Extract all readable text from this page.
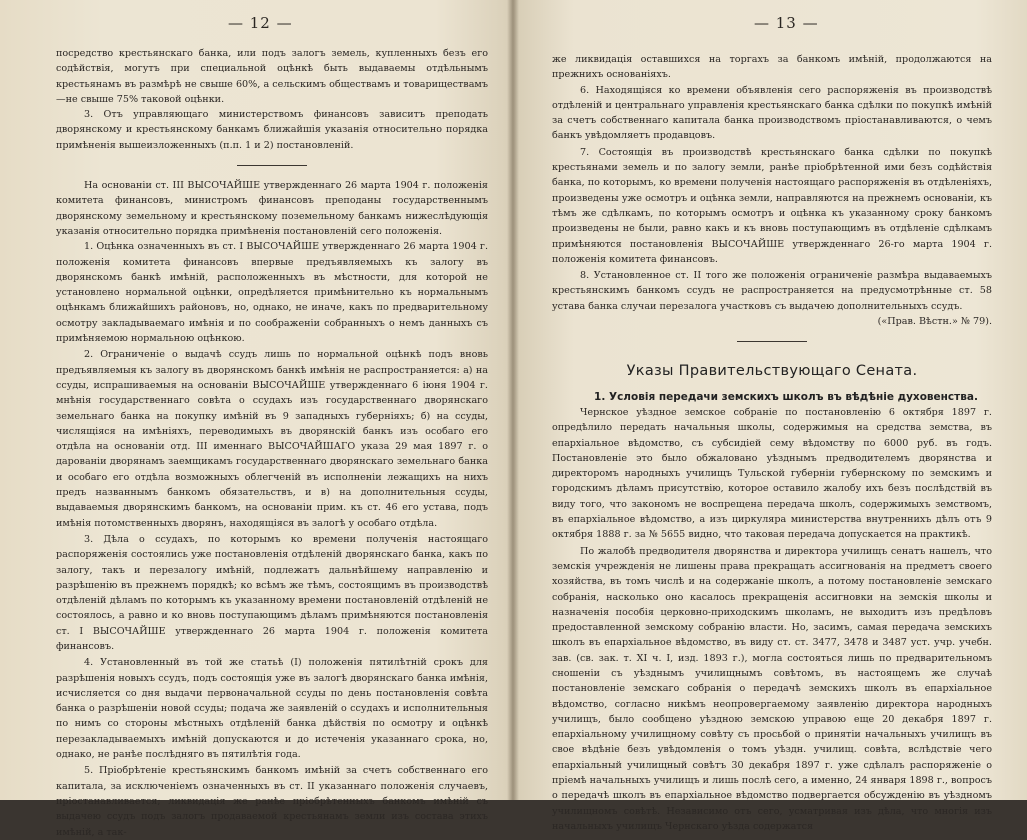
— 12 —

посредство крестьянскаго банка, или подъ залогъ земель, купленныхъ безъ его содѣйствія, могутъ при специальной оцѣнкѣ быть выдаваемы отдѣльнымъ крестьянамъ въ размѣрѣ не свыше 60%, а сельскимъ обществамъ и товариществамъ—не свыше 75% таковой оцѣнки.

3. Отъ управляющаго министерствомъ финансовъ зависитъ преподать дворянскому и крестьянскому банкамъ ближайшія указанія относительно порядка примѣненія вышеизложенныхъ (п.п. 1 и 2) постановленій.

На основаніи ст. III ВЫСОЧАЙШЕ утвержденнаго 26 марта 1904 г. положенія комитета финансовъ, министромъ финансовъ преподаны государственнымъ дворянскому земельному и крестьянскому поземельному банкамъ нижеслѣдующія указанія относительно порядка примѣненія постановленій сего положенія.

1. Оцѣнка означенныхъ въ ст. I ВЫСОЧАЙШЕ утвержденнаго 26 марта 1904 г. положенія комитета финансовъ впервые предъявляемыхъ къ залогу въ дворянскомъ банкѣ имѣній, расположенныхъ въ мѣстности, для которой не установлено нормальной оцѣнки, опредѣляется примѣнительно къ нормальнымъ оцѣнкамъ ближайшихъ районовъ, но, однако, не иначе, какъ по предварительному осмотру закладываемаго имѣнія и по соображеніи собранныхъ о немъ данныхъ съ примѣняемою нормальною оцѣнкою.

2. Ограниченіе о выдачѣ ссудъ лишь по нормальной оцѣнкѣ подъ вновь предъявляемыя къ залогу въ дворянскомъ банкѣ имѣнія не распространяется: а) на ссуды, испрашиваемыя на основаніи ВЫСОЧАЙШЕ утвержденнаго 6 іюня 1904 г. мнѣнія государственнаго совѣта о ссудахъ изъ государственнаго дворянскаго земельнаго банка на покупку имѣній въ 9 западныхъ губерніяхъ; б) на ссуды, числящіяся на имѣніяхъ, переводимыхъ въ дворянскій банкъ изъ особаго его отдѣла на основаніи отд. III именнаго ВЫСОЧАЙШАГО указа 29 мая 1897 г. о дарованіи дворянамъ заемщикамъ государственнаго дворянскаго земельнаго банка и особаго его отдѣла возможныхъ облегченій въ исполненіи лежащихъ на нихъ предъ названнымъ банкомъ обязательствъ, и в) на дополнительныя ссуды, выдаваемыя дворянскимъ банкомъ, на основаніи прим. къ ст. 46 его устава, подъ имѣнія потомственныхъ дворянъ, находящіяся въ залогѣ у особаго отдѣла.

3. Дѣла о ссудахъ, по которымъ ко времени полученія настоящаго распоряженія состоялись уже постановленія отдѣленій дворянскаго банка, какъ по залогу, такъ и перезалогу имѣній, подлежатъ дальнѣйшему направленію и разрѣшенію въ прежнемъ порядкѣ; ко всѣмъ же тѣмъ, состоящимъ въ производствѣ отдѣленій дѣламъ по которымъ къ указанному времени постановленій отдѣленій не состоялось, а равно и ко вновь поступающимъ дѣламъ примѣняются постановленія ст. I ВЫСОЧАЙШЕ утвержденнаго 26 марта 1904 г. положенія комитета финансовъ.

4. Установленный въ той же статьѣ (I) положенія пятилѣтній срокъ для разрѣшенія новыхъ ссудъ, подъ состоящія уже въ залогѣ дворянскаго банка имѣнія, исчисляется со дня выдачи первоначальной ссуды по день постановленія совѣта банка о разрѣшеніи новой ссуды; подача же заявленій о ссудахъ и исполнительныя по нимъ со стороны мѣстныхъ отдѣленій банка дѣйствія по осмотру и оцѣнкѣ перезакладываемыхъ имѣній допускаются и до истеченія указаннаго срока, но, однако, не ранѣе послѣдняго въ пятилѣтія года.

5. Пріобрѣтеніе крестьянскимъ банкомъ имѣній за счетъ собственнаго его капитала, за исключеніемъ означенныхъ въ ст. II указаннаго положенія случаевъ, пріостанавливается; ликвидація же ранѣе пріобрѣтенныхъ банкомъ имѣній съ выдачею ссудъ подъ залогъ продаваемой крестьянамъ земли изъ состава этихъ имѣній, а так-

— 13 —

же ликвидація оставшихся на торгахъ за банкомъ имѣній, продолжаются на прежнихъ основаніяхъ.

6. Находящіяся ко времени объявленія сего распоряженія въ производствѣ отдѣленій и центральнаго управленія крестьянскаго банка сдѣлки по покупкѣ имѣній за счетъ собственнаго капитала банка производствомъ пріостанавливаются, о чемъ банкъ увѣдомляетъ продавцовъ.

7. Состоящія въ производствѣ крестьянскаго банка сдѣлки по покупкѣ крестьянами земель и по залогу земли, ранѣе пріобрѣтенной ими безъ содѣйствія банка, по которымъ, ко времени полученія настоящаго распоряженія въ отдѣленіяхъ, произведены уже осмотръ и оцѣнка земли, направляются на прежнемъ основаніи, къ тѣмъ же сдѣлкамъ, по которымъ осмотръ и оцѣнка къ указанному сроку банкомъ произведены не были, равно какъ и къ вновь поступающимъ въ отдѣленіе сдѣлкамъ примѣняются постановленія ВЫСОЧАЙШЕ утвержденнаго 26-го марта 1904 г. положенія комитета финансовъ.

8. Установленное ст. II того же положенія ограниченіе размѣра выдаваемыхъ крестьянскимъ банкомъ ссудъ не распространяется на предусмотрѣнные ст. 58 устава банка случаи перезалога участковъ съ выдачею дополнительныхъ ссудъ.

(«Прав. Вѣстн.» № 79).

Указы Правительствующаго Сената.

1. Условія передачи земскихъ школъ въ вѣдѣніе духовенства.

Чернское уѣздное земское собраніе по постановленію 6 октября 1897 г. опредѣлило передать начальныя школы, содержимыя на средства земства, въ епархіальное вѣдомство, съ субсидіей сему вѣдомству по 6000 руб. въ годъ. Постановленіе это было обжаловано уѣзднымъ предводителемъ дворянства и директоромъ народныхъ училищъ Тульской губерніи губернскому по земскимъ и городскимъ дѣламъ присутствію, которое оставило жалобу ихъ безъ послѣдствій въ виду того, что закономъ не воспрещена передача школъ, содержимыхъ земствомъ, въ епархіальное вѣдомство, а изъ циркуляра министерства внутреннихъ дѣлъ отъ 9 октября 1888 г. за № 5655 видно, что таковая передача допускается на практикѣ.

По жалобѣ предводителя дворянства и директора училищъ сенатъ нашелъ, что земскія учрежденія не лишены права прекращать ассигнованія на предметъ своего хозяйства, въ томъ числѣ и на содержаніе школъ, а потому постановленіе земскаго собранія, насколько оно касалось прекращенія ассигновки на земскія школы и назначенія пособія церковно-приходскимъ школамъ, не выходитъ изъ предѣловъ предоставленной земскому собранію власти. Но, засимъ, самая передача земскихъ школъ въ епархіальное вѣдомство, въ виду ст. ст. 3477, 3478 и 3487 уст. учр. учебн. зав. (св. зак. т. XI ч. I, изд. 1893 г.), могла состояться лишь по предварительномъ сношеніи съ уѣзднымъ училищнымъ совѣтомъ, въ настоящемъ же случаѣ постановленіе земскаго собранія о передачѣ земскихъ школъ въ епархіальное вѣдомство, согласно никѣмъ неопровергаемому заявленію директора народныхъ училищъ, было сообщено уѣздною земскою управою еще 20 декабря 1897 г. епархіальному училищному совѣту съ просьбой о принятіи начальныхъ училищъ въ свое вѣдѣніе безъ увѣдомленія о томъ уѣздн. училищ. совѣта, вслѣдствіе чего епархіальный училищный совѣтъ 30 декабря 1897 г. уже сдѣлалъ распоряженіе о пріемѣ начальныхъ училищъ и лишь послѣ сего, а именно, 24 января 1898 г., вопросъ о передачѣ школъ въ епархіальное вѣдомство подвергается обсужденію въ уѣздномъ училищномъ совѣтѣ. Независимо отъ сего, усматривая изъ дѣла, что многія изъ начальныхъ училищъ Чернскаго уѣзда содержатся
